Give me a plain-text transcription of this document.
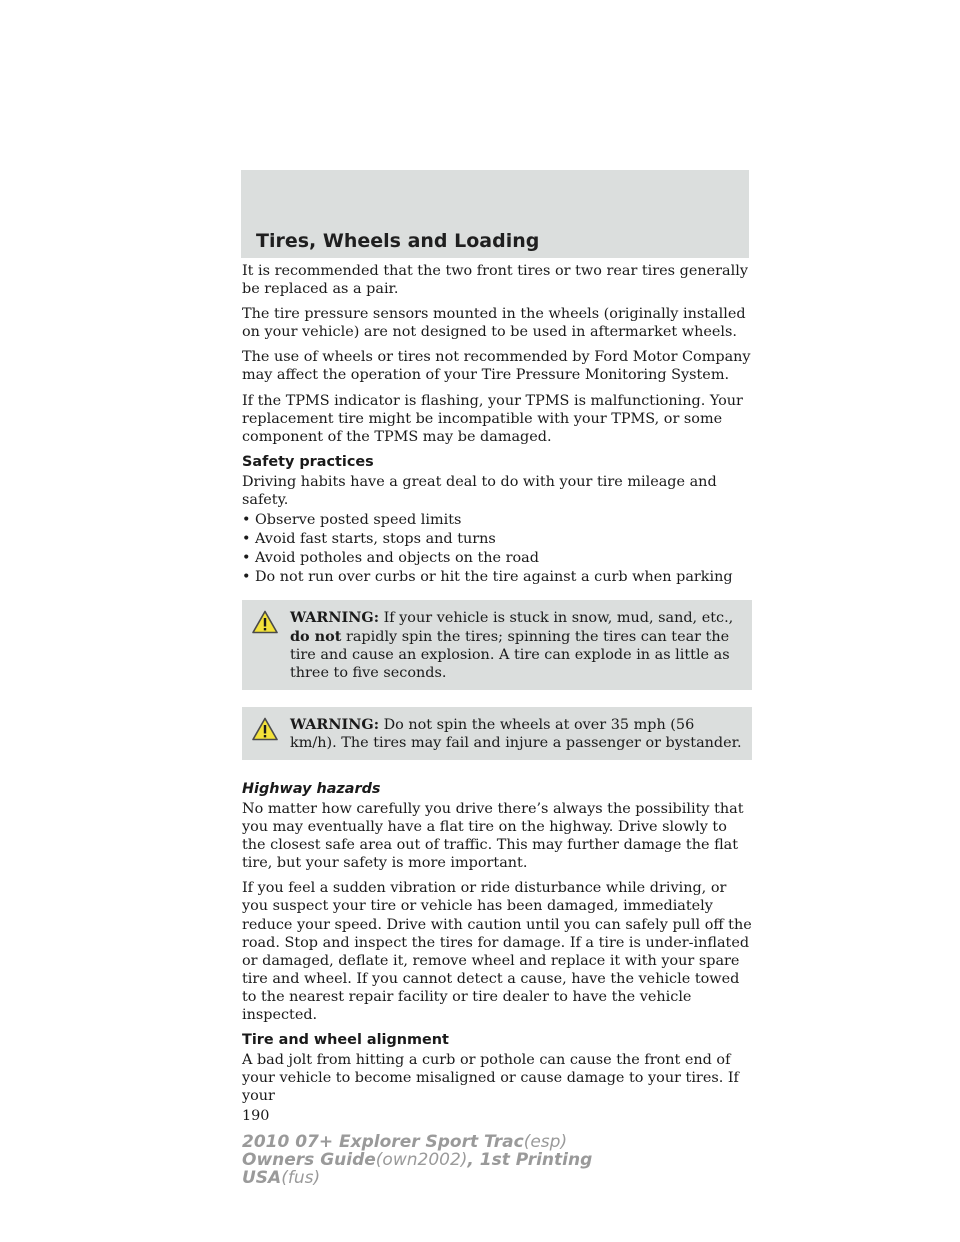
Tires, Wheels and Loading

It is recommended that the two front tires or two rear tires generally be replaced as a pair.

The tire pressure sensors mounted in the wheels (originally installed on your vehicle) are not designed to be used in aftermarket wheels.

The use of wheels or tires not recommended by Ford Motor Company may affect the operation of your Tire Pressure Monitoring System.

If the TPMS indicator is flashing, your TPMS is malfunctioning. Your replacement tire might be incompatible with your TPMS, or some component of the TPMS may be damaged.

Safety practices

Driving habits have a great deal to do with your tire mileage and safety.

• Observe posted speed limits
• Avoid fast starts, stops and turns
• Avoid potholes and objects on the road
• Do not run over curbs or hit the tire against a curb when parking
WARNING: If your vehicle is stuck in snow, mud, sand, etc., do not rapidly spin the tires; spinning the tires can tear the tire and cause an explosion. A tire can explode in as little as three to five seconds.
WARNING: Do not spin the wheels at over 35 mph (56 km/h). The tires may fail and injure a passenger or bystander.
Highway hazards

No matter how carefully you drive there’s always the possibility that you may eventually have a flat tire on the highway. Drive slowly to the closest safe area out of traffic. This may further damage the flat tire, but your safety is more important.

If you feel a sudden vibration or ride disturbance while driving, or you suspect your tire or vehicle has been damaged, immediately reduce your speed. Drive with caution until you can safely pull off the road. Stop and inspect the tires for damage. If a tire is under-inflated or damaged, deflate it, remove wheel and replace it with your spare tire and wheel. If you cannot detect a cause, have the vehicle towed to the nearest repair facility or tire dealer to have the vehicle inspected.

Tire and wheel alignment

A bad jolt from hitting a curb or pothole can cause the front end of your vehicle to become misaligned or cause damage to your tires. If your

190
2010 07+ Explorer Sport Trac(esp)
Owners Guide(own2002), 1st Printing
USA(fus)
